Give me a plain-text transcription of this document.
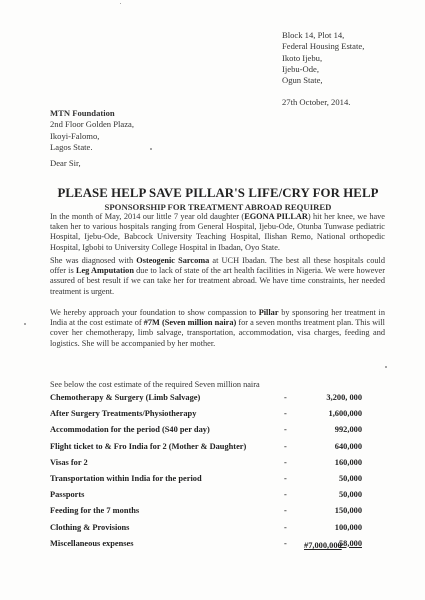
Block 14, Plot 14,
Federal Housing Estate,
Ikoto Ijebu,
Ijebu-Ode,
Ogun State,
27th October, 2014.
MTN Foundation
2nd Floor Golden Plaza,
Ikoyi-Falomo,
Lagos State.
Dear Sir,
PLEASE HELP SAVE PILLAR'S LIFE/CRY FOR HELP
SPONSORSHIP FOR TREATMENT ABROAD REQUIRED
In the month of May, 2014 our little 7 year old daughter (EGONA PILLAR) hit her knee, we have taken her to various hospitals ranging from General Hospital, Ijebu-Ode, Otunba Tunwase pediatric Hospital, Ijebu-Ode, Babcock University Teaching Hospital, Ilishan Remo, National orthopedic Hospital, Igbobi to University College Hospital in Ibadan, Oyo State.
She was diagnosed with Osteogenic Sarcoma at UCH Ibadan. The best all these hospitals could offer is Leg Amputation due to lack of state of the art health facilities in Nigeria. We were however assured of best result if we can take her for treatment abroad. We have time constraints, her needed treatment is urgent.
We hereby approach your foundation to show compassion to Pillar by sponsoring her treatment in India at the cost estimate of #7M (Seven million naira) for a seven months treatment plan. This will cover her chemotherapy, limb salvage, transportation, accommodation, visa charges, feeding and logistics. She will be accompanied by her mother.
See below the cost estimate of the required Seven million naira
Chemotherapy & Surgery (Limb Salvage)	-	3,200, 000
After Surgery Treatments/Physiotherapy	-	1,600,000
Accommodation for the period (S40 per day)	-	992,000
Flight ticket to & Fro India for 2 (Mother & Daughter)	-	640,000
Visas for 2	-	160,000
Transportation within India for the period	-	50,000
Passports	-	50,000
Feeding for the 7 months	-	150,000
Clothing & Provisions	-	100,000
Miscellaneous expenses	-	58,000
#7,000,000
